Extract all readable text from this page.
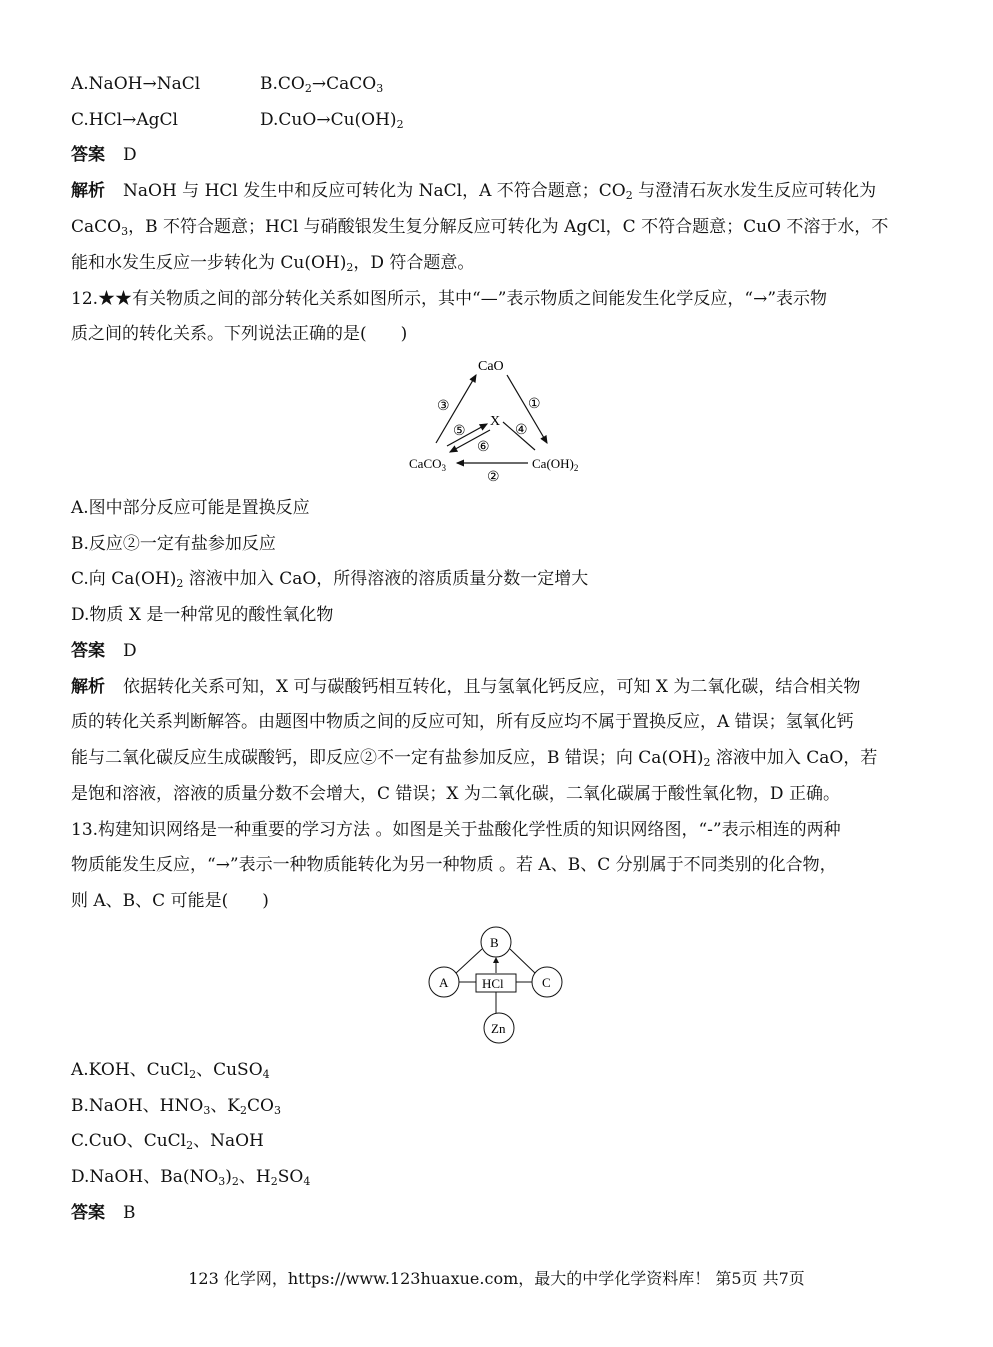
A.NaOH→NaCl	$B.CO_2\to CaCO_3$
C.HCl→AgCl	$D.CuO\to Cu(OH)_2$
答案 D
解析 NaOH 与 HCl 发生中和反应可转化为 NaCl，A 不符合题意；$CO_2$ 与澄清石灰水发生反应可转化为
CaCO$_3$，B 不符合题意；HCl 与硝酸银发生复分解反应可转化为 AgCl，C 不符合题意；CuO 不溶于水，不
能和水发生反应一步转化为 $Cu(OH)_2$，D 符合题意。
12.★★有关物质之间的部分转化关系如图所示，其中“—”表示物质之间能发生化学反应，“→”表示物
质之间的转化关系。下列说法正确的是(　　)
CaO
X
CaCO$_3$	$Ca(OH)_2$
③	①
⑤
⑥
④
②
A.图中部分反应可能是置换反应
B.反应②一定有盐参加反应
C.向 $Ca(OH)_2$ 溶液中加入 CaO，所得溶液的溶质质量分数一定增大
D.物质 X 是一种常见的酸性氧化物
答案 D
解析 依据转化关系可知，X 可与碳酸钙相互转化，且与氢氧化钙反应，可知 X 为二氧化碳，结合相关物
质的转化关系判断解答。由题图中物质之间的反应可知，所有反应均不属于置换反应，A 错误；氢氧化钙
能与二氧化碳反应生成碳酸钙，即反应②不一定有盐参加反应，B 错误；向 $Ca(OH)_2$ 溶液中加入 CaO，若
是饱和溶液，溶液的质量分数不会增大，C 错误；X 为二氧化碳，二氧化碳属于酸性氧化物，D 正确。
13.构建知识网络是一种重要的学习方法 。如图是关于盐酸化学性质的知识网络图，“-”表示相连的两种
物质能发生反应，“→”表示一种物质能转化为另一种物质 。若 A、B、C 分别属于不同类别的化合物，
则 A、B、C 可能是(　　)
B
A	C
HCl
Zn
A.KOH、CuCl$_2$、CuSO$_4$
B.NaOH、$HNO_3$、$K_2CO_3$
C.CuO、CuCl$_2$、NaOH
D.NaOH、$Ba(NO_3)_2$、$H_2SO_4$
答案 B
123 化学网，https://www.123huaxue.com，最大的中学化学资料库！ 第5页 共7页
